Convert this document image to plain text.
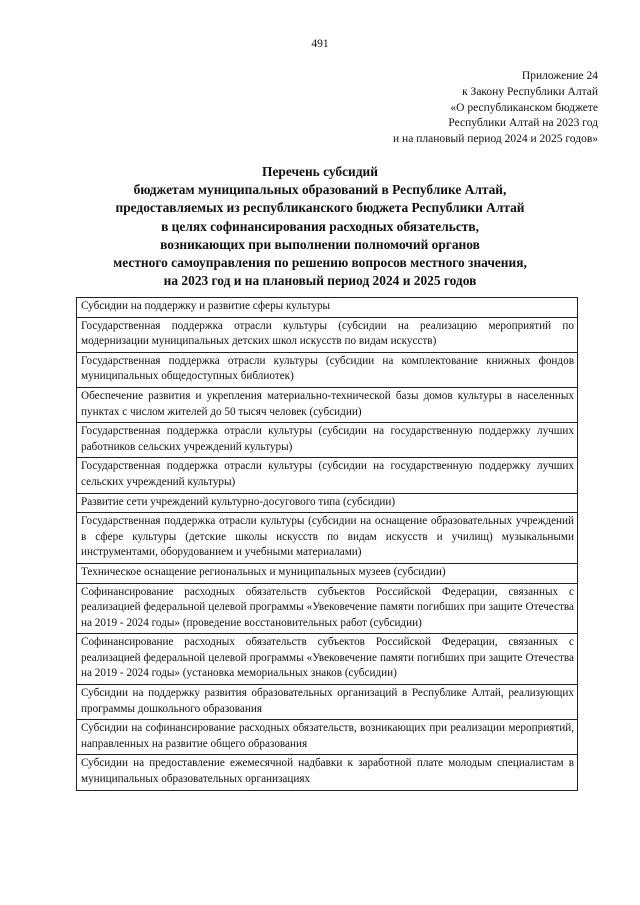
491
Приложение 24
к Закону Республики Алтай
«О республиканском бюджете
Республики Алтай на 2023 год
и на плановый период 2024 и 2025 годов»
Перечень субсидий
бюджетам муниципальных образований в Республике Алтай,
предоставляемых из республиканского бюджета Республики Алтай
в целях софинансирования расходных обязательств,
возникающих при выполнении полномочий органов
местного самоуправления по решению вопросов местного значения,
на 2023 год и на плановый период 2024 и 2025 годов
Субсидии на поддержку и развитие сферы культуры
Государственная поддержка отрасли культуры (субсидии на реализацию мероприятий по модернизации муниципальных детских школ искусств по видам искусств)
Государственная поддержка отрасли культуры (субсидии на комплектование книжных фондов муниципальных общедоступных библиотек)
Обеспечение развития и укрепления материально-технической базы домов культуры в населенных пунктах с числом жителей до 50 тысяч человек (субсидии)
Государственная поддержка отрасли культуры (субсидии на государственную поддержку лучших работников сельских учреждений культуры)
Государственная поддержка отрасли культуры (субсидии на государственную поддержку лучших сельских учреждений культуры)
Развитие сети учреждений культурно-досугового типа (субсидии)
Государственная поддержка отрасли культуры (субсидии на оснащение образовательных учреждений в сфере культуры (детские школы искусств по видам искусств и училищ) музыкальными инструментами, оборудованием и учебными материалами)
Техническое оснащение региональных и муниципальных музеев (субсидии)
Софинансирование расходных обязательств субъектов Российской Федерации, связанных с реализацией федеральной целевой программы «Увековечение памяти погибших при защите Отечества на 2019 - 2024 годы» (проведение восстановительных работ (субсидии)
Софинансирование расходных обязательств субъектов Российской Федерации, связанных с реализацией федеральной целевой программы «Увековечение памяти погибших при защите Отечества на 2019 - 2024 годы» (установка мемориальных знаков (субсидии)
Субсидии на поддержку развития образовательных организаций в Республике Алтай, реализующих программы дошкольного образования
Субсидии на софинансирование расходных обязательств, возникающих при реализации мероприятий, направленных на развитие общего образования
Субсидии на предоставление ежемесячной надбавки к заработной плате молодым специалистам в муниципальных образовательных организациях
